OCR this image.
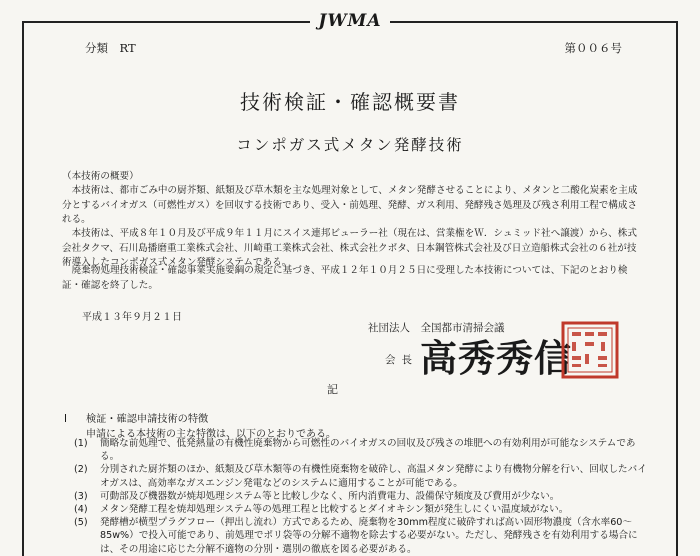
JWMA
分類　RT	第００６号
技術検証・確認概要書
コンポガス式メタン発酵技術
（本技術の概要）
　本技術は、都市ごみ中の厨芥類、紙類及び草木類を主な処理対象として、メタン発酵させることにより、メタンと二酸化炭素を主成分とするバイオガス（可燃性ガス）を回収する技術であり、受入・前処理、発酵、ガス利用、発酵残さ処理及び残さ利用工程で構成される。
　本技術は、平成８年１０月及び平成９年１１月にスイス連邦ビューラー社（現在は、営業権をＷ．シュミッド社へ譲渡）から、株式会社タクマ、石川島播磨重工業株式会社、川崎重工業株式会社、株式会社クボタ、日本鋼管株式会社及び日立造船株式会社の６社が技術導入したコンポガス式メタン発酵システムである。
　廃棄物処理技術検証・確認事業実施要綱の規定に基づき、平成１２年１０月２５日に受理した本技術については、下記のとおり検証・確認を終了した。
平成１３年９月２１日
社団法人　全国都市清掃会議
会長 高秀秀信
記
Ⅰ 検証・確認申請技術の特徴
申請による本技術の主な特徴は、以下のとおりである。
(1)	簡略な前処理で、低発熱量の有機性廃棄物から可燃性のバイオガスの回収及び残さの堆肥への有効利用が可能なシステムである。
(2)	分別された厨芥類のほか、紙類及び草木類等の有機性廃棄物を破砕し、高温メタン発酵により有機物分解を行い、回収したバイオガスは、高効率なガスエンジン発電などのシステムに適用することが可能である。
(3)	可動部及び機器数が焼却処理システム等と比較し少なく、所内消費電力、設備保守頻度及び費用が少ない。
(4)	メタン発酵工程を焼却処理システム等の処理工程と比較するとダイオキシン類が発生しにくい温度域がない。
(5)	発酵槽が横型プラグフロー（押出し流れ）方式であるため、廃棄物を30mm程度に破砕すれば高い固形物濃度（含水率60～85w%）で投入可能であり、前処理でポリ袋等の分解不適物を除去する必要がない。ただし、発酵残さを有効利用する場合には、その用途に応じた分解不適物の分別・選別の徹底を図る必要がある。
